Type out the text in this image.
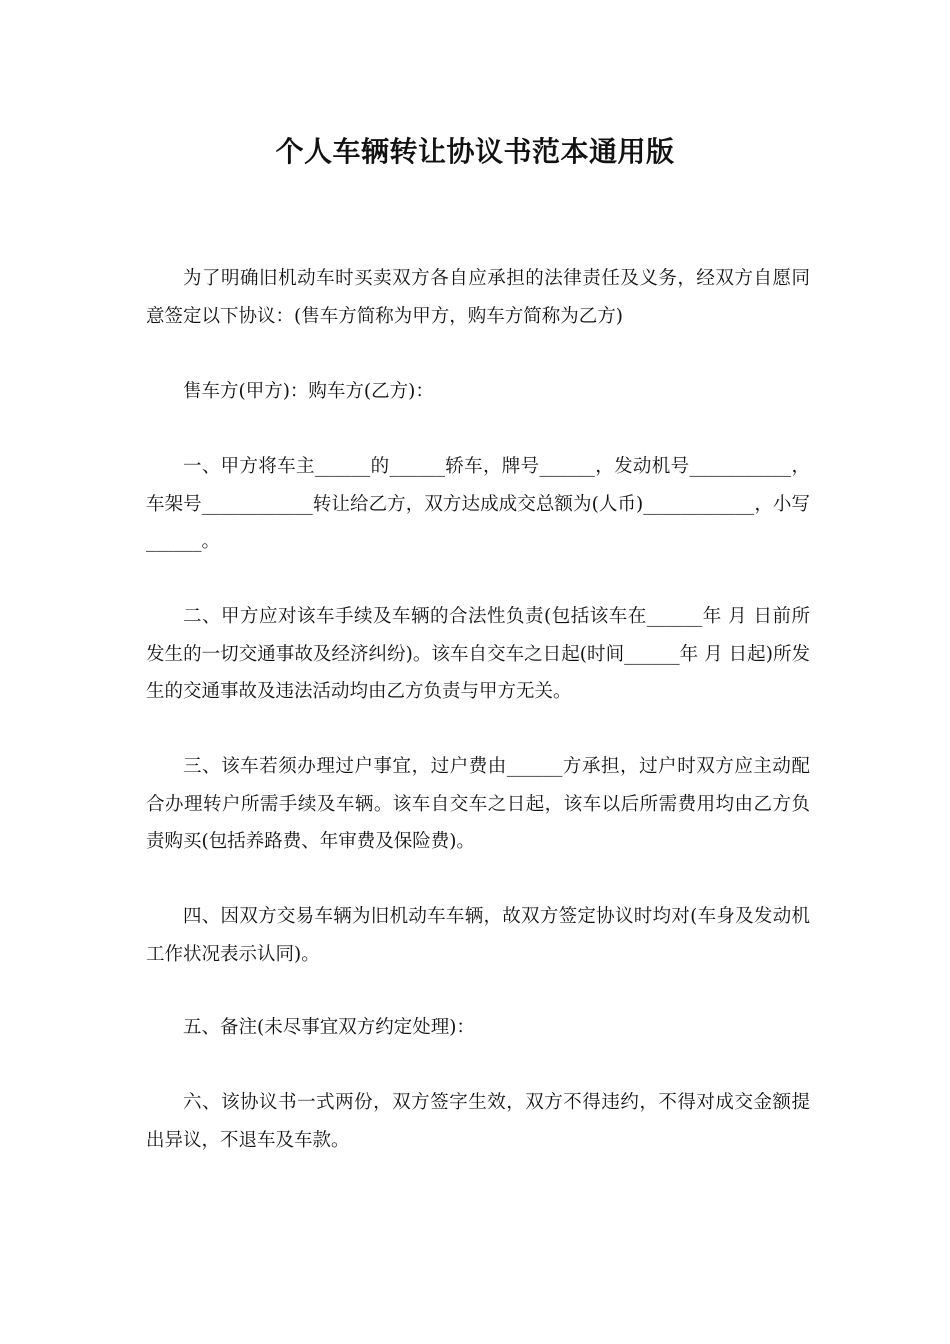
个人车辆转让协议书范本通用版

为了明确旧机动车时买卖双方各自应承担的法律责任及义务，经双方自愿同意签定以下协议：(售车方简称为甲方，购车方简称为乙方)

售车方(甲方)：购车方(乙方)：

一、甲方将车主______的______轿车，牌号______，发动机号___________，车架号____________转让给乙方，双方达成成交总额为(人币)____________，小写______。

二、甲方应对该车手续及车辆的合法性负责(包括该车在______年 月 日前所发生的一切交通事故及经济纠纷)。该车自交车之日起(时间______年 月 日起)所发生的交通事故及违法活动均由乙方负责与甲方无关。

三、该车若须办理过户事宜，过户费由______方承担，过户时双方应主动配合办理转户所需手续及车辆。该车自交车之日起，该车以后所需费用均由乙方负责购买(包括养路费、年审费及保险费)。

四、因双方交易车辆为旧机动车车辆，故双方签定协议时均对(车身及发动机工作状况表示认同)。

五、备注(未尽事宜双方约定处理)：

六、该协议书一式两份，双方签字生效，双方不得违约，不得对成交金额提出异议，不退车及车款。
